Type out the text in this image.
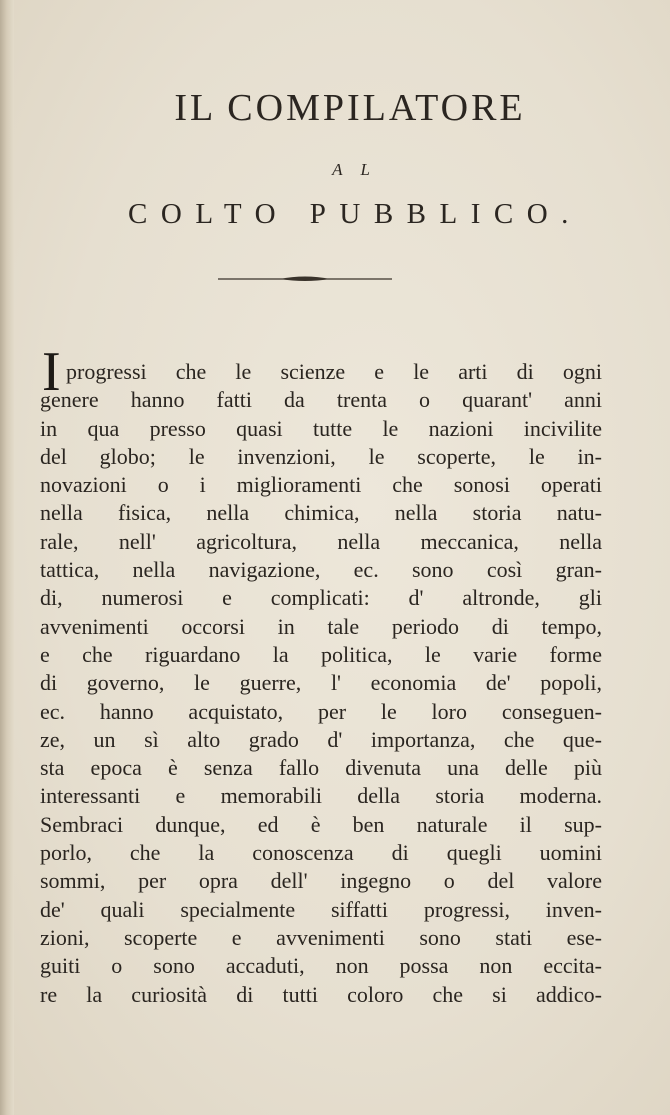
IL COMPILATORE
AL
COLTO PUBBLICO.
I progressi che le scienze e le arti di ogni
genere hanno fatti da trenta o quarant' anni
in qua presso quasi tutte le nazioni incivilite
del globo; le invenzioni, le scoperte, le in-
novazioni o i miglioramenti che sonosi operati
nella fisica, nella chimica, nella storia natu-
rale, nell' agricoltura, nella meccanica, nella
tattica, nella navigazione, ec. sono così gran-
di, numerosi e complicati: d' altronde, gli
avvenimenti occorsi in tale periodo di tempo,
e che riguardano la politica, le varie forme
di governo, le guerre, l' economia de' popoli,
ec. hanno acquistato, per le loro conseguen-
ze, un sì alto grado d' importanza, che que-
sta epoca è senza fallo divenuta una delle più
interessanti e memorabili della storia moderna.
Sembraci dunque, ed è ben naturale il sup-
porlo, che la conoscenza di quegli uomini
sommi, per opra dell' ingegno o del valore
de' quali specialmente siffatti progressi, inven-
zioni, scoperte e avvenimenti sono stati ese-
guiti o sono accaduti, non possa non eccita-
re la curiosità di tutti coloro che si addico-
